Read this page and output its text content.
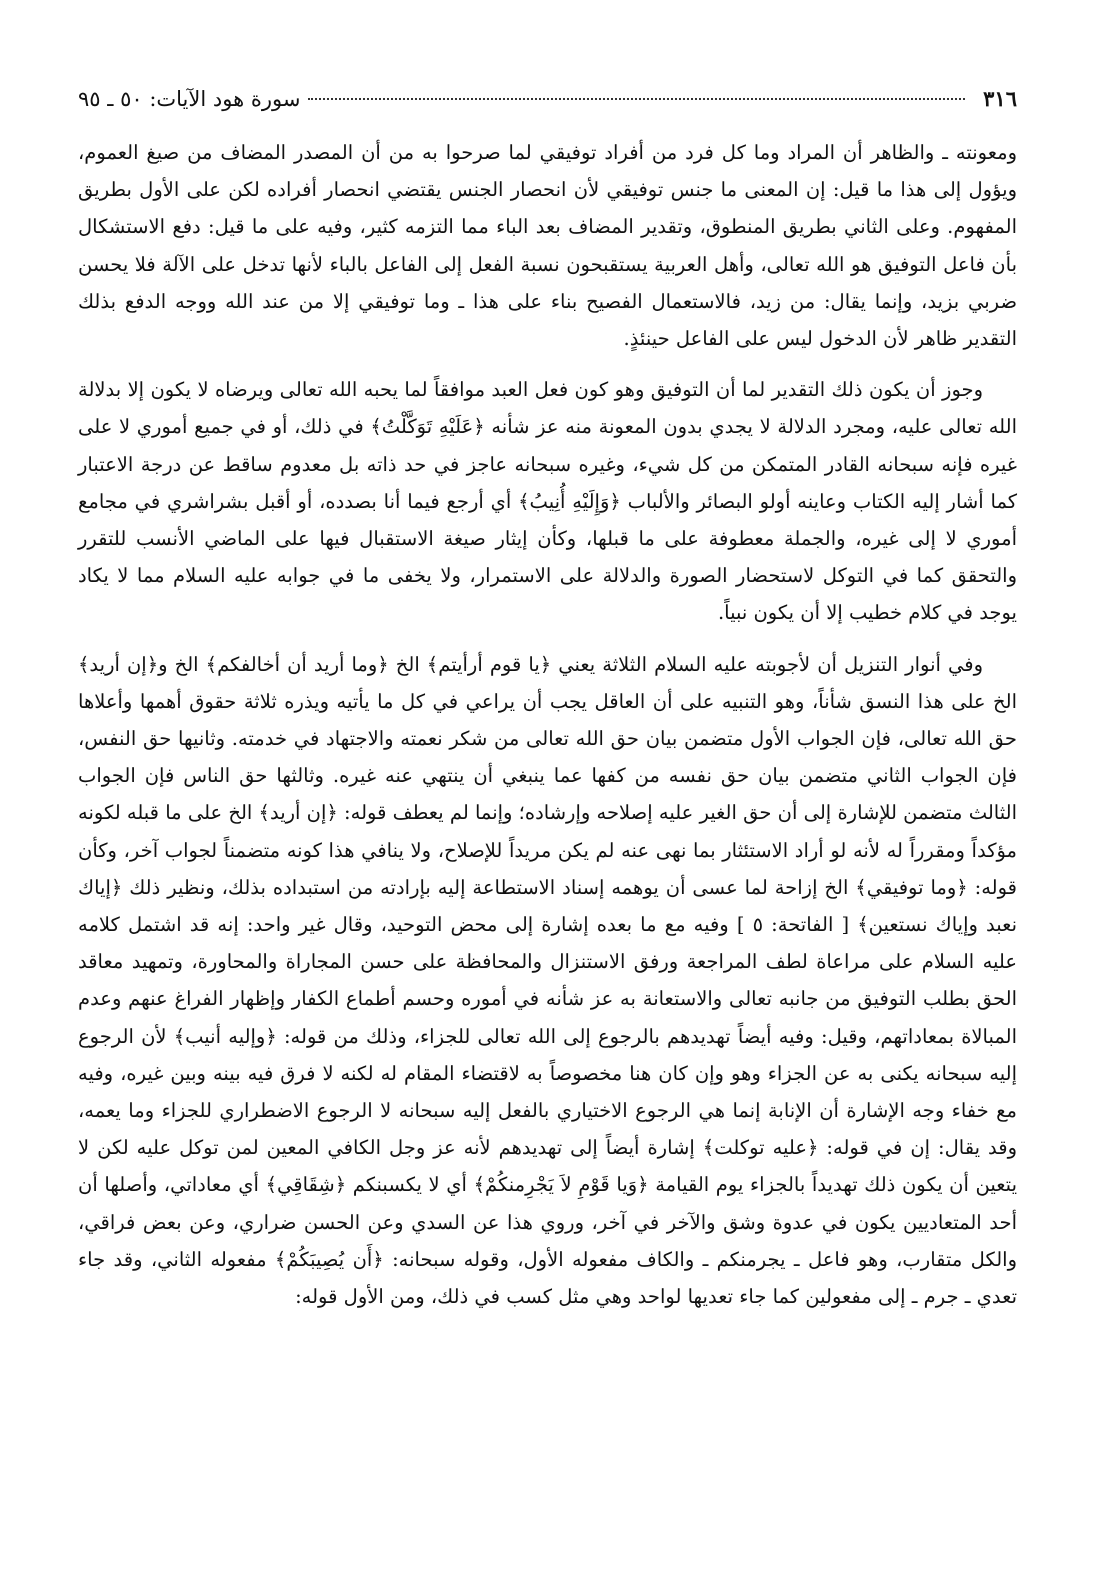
٣١٦
سورة هود الآيات: ٥٠ ـ ٩٥

ومعونته ـ والظاهر أن المراد وما كل فرد من أفراد توفيقي لما صرحوا به من أن المصدر المضاف من صيغ العموم، ويؤول إلى هذا ما قيل: إن المعنى ما جنس توفيقي لأن انحصار الجنس يقتضي انحصار أفراده لكن على الأول بطريق المفهوم. وعلى الثاني بطريق المنطوق، وتقدير المضاف بعد الباء مما التزمه كثير، وفيه على ما قيل: دفع الاستشكال بأن فاعل التوفيق هو الله تعالى، وأهل العربية يستقبحون نسبة الفعل إلى الفاعل بالباء لأنها تدخل على الآلة فلا يحسن ضربي بزيد، وإنما يقال: من زيد، فالاستعمال الفصيح بناء على هذا ـ وما توفيقي إلا من عند الله ووجه الدفع بذلك التقدير ظاهر لأن الدخول ليس على الفاعل حينئذٍ.

وجوز أن يكون ذلك التقدير لما أن التوفيق وهو كون فعل العبد موافقاً لما يحبه الله تعالى ويرضاه لا يكون إلا بدلالة الله تعالى عليه، ومجرد الدلالة لا يجدي بدون المعونة منه عز شأنه ﴿عَلَيْهِ تَوَكَّلْتُ﴾ في ذلك، أو في جميع أموري لا على غيره فإنه سبحانه القادر المتمكن من كل شيء، وغيره سبحانه عاجز في حد ذاته بل معدوم ساقط عن درجة الاعتبار كما أشار إليه الكتاب وعاينه أولو البصائر والألباب ﴿وَإِلَيْهِ أُنِيبُ﴾ أي أرجع فيما أنا بصدده، أو أقبل بشراشري في مجامع أموري لا إلى غيره، والجملة معطوفة على ما قبلها، وكأن إيثار صيغة الاستقبال فيها على الماضي الأنسب للتقرر والتحقق كما في التوكل لاستحضار الصورة والدلالة على الاستمرار، ولا يخفى ما في جوابه عليه السلام مما لا يكاد يوجد في كلام خطيب إلا أن يكون نبياً.

وفي أنوار التنزيل أن لأجوبته عليه السلام الثلاثة يعني ﴿يا قوم أرأيتم﴾ الخ ﴿وما أريد أن أخالفكم﴾ الخ و﴿إن أريد﴾ الخ على هذا النسق شأناً، وهو التنبيه على أن العاقل يجب أن يراعي في كل ما يأتيه ويذره ثلاثة حقوق أهمها وأعلاها حق الله تعالى، فإن الجواب الأول متضمن بيان حق الله تعالى من شكر نعمته والاجتهاد في خدمته. وثانيها حق النفس، فإن الجواب الثاني متضمن بيان حق نفسه من كفها عما ينبغي أن ينتهي عنه غيره. وثالثها حق الناس فإن الجواب الثالث متضمن للإشارة إلى أن حق الغير عليه إصلاحه وإرشاده؛ وإنما لم يعطف قوله: ﴿إن أريد﴾ الخ على ما قبله لكونه مؤكداً ومقرراً له لأنه لو أراد الاستئثار بما نهى عنه لم يكن مريداً للإصلاح، ولا ينافي هذا كونه متضمناً لجواب آخر، وكأن قوله: ﴿وما توفيقي﴾ الخ إزاحة لما عسى أن يوهمه إسناد الاستطاعة إليه بإرادته من استبداده بذلك، ونظير ذلك ﴿إياك نعبد وإياك نستعين﴾ [ الفاتحة: ٥ ] وفيه مع ما بعده إشارة إلى محض التوحيد، وقال غير واحد: إنه قد اشتمل كلامه عليه السلام على مراعاة لطف المراجعة ورفق الاستنزال والمحافظة على حسن المجاراة والمحاورة، وتمهيد معاقد الحق بطلب التوفيق من جانبه تعالى والاستعانة به عز شأنه في أموره وحسم أطماع الكفار وإظهار الفراغ عنهم وعدم المبالاة بمعاداتهم، وقيل: وفيه أيضاً تهديدهم بالرجوع إلى الله تعالى للجزاء، وذلك من قوله: ﴿وإليه أنيب﴾ لأن الرجوع إليه سبحانه يكنى به عن الجزاء وهو وإن كان هنا مخصوصاً به لاقتضاء المقام له لكنه لا فرق فيه بينه وبين غيره، وفيه مع خفاء وجه الإشارة أن الإنابة إنما هي الرجوع الاختياري بالفعل إليه سبحانه لا الرجوع الاضطراري للجزاء وما يعمه، وقد يقال: إن في قوله: ﴿عليه توكلت﴾ إشارة أيضاً إلى تهديدهم لأنه عز وجل الكافي المعين لمن توكل عليه لكن لا يتعين أن يكون ذلك تهديداً بالجزاء يوم القيامة ﴿وَيا قَوْمِ لاَ يَجْرِمنكُمْ﴾ أي لا يكسبنكم ﴿شِقَاقِي﴾ أي معاداتي، وأصلها أن أحد المتعاديين يكون في عدوة وشق والآخر في آخر، وروي هذا عن السدي وعن الحسن ضراري، وعن بعض فراقي، والكل متقارب، وهو فاعل ـ يجرمنكم ـ والكاف مفعوله الأول، وقوله سبحانه: ﴿أَن يُصِيبَكُمْ﴾ مفعوله الثاني، وقد جاء تعدي ـ جرم ـ إلى مفعولين كما جاء تعديها لواحد وهي مثل كسب في ذلك، ومن الأول قوله:
